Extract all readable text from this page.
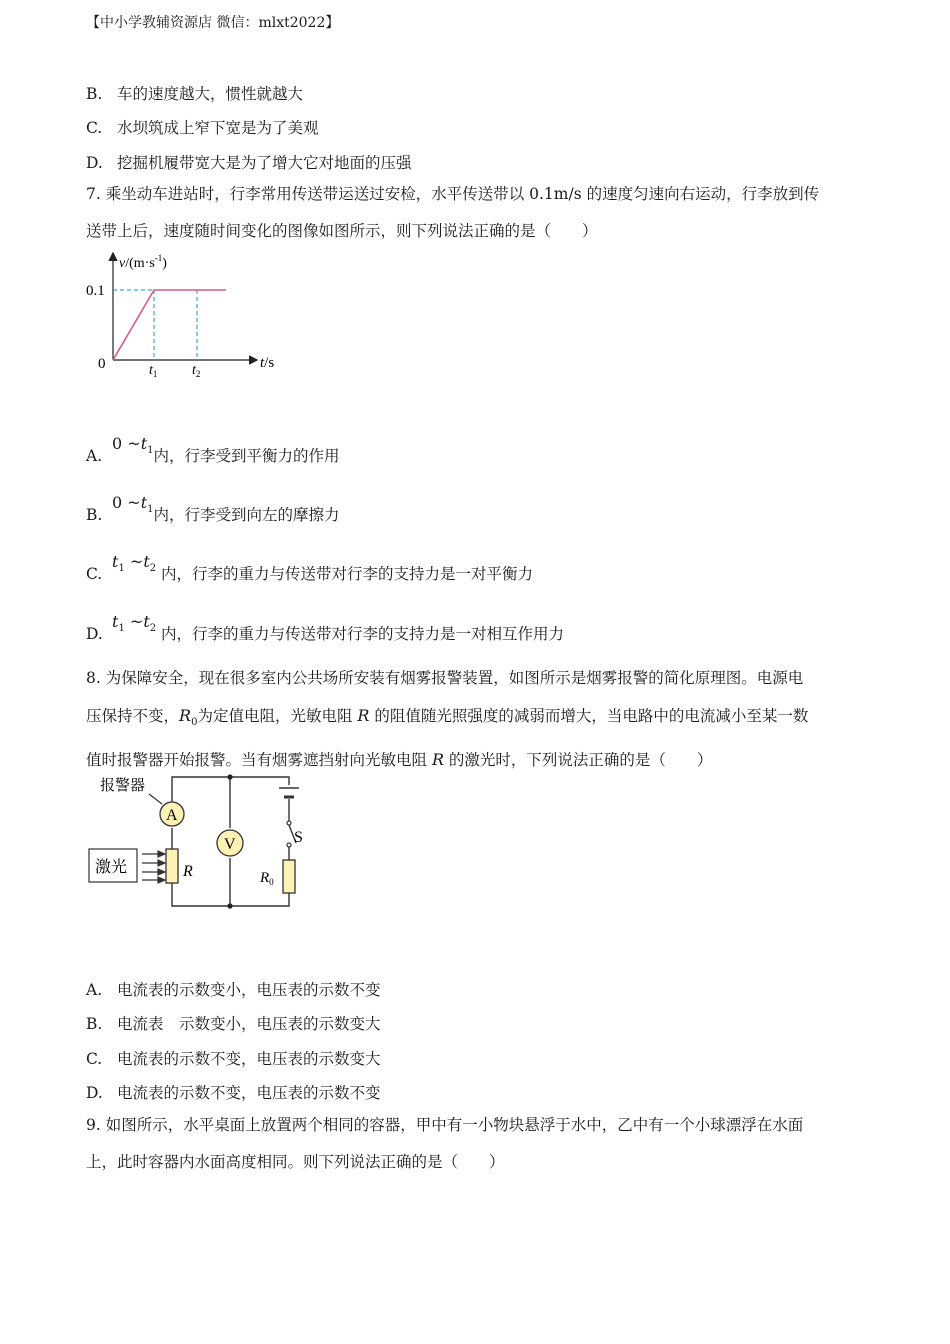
【中小学教辅资源店 微信：mlxt2022】
B. 车的速度越大，惯性就越大
C. 水坝筑成上窄下宽是为了美观
D. 挖掘机履带宽大是为了增大它对地面的压强
7. 乘坐动车进站时，行李常用传送带运送过安检，水平传送带以 0.1m/s 的速度匀速向右运动，行李放到传
送带上后，速度随时间变化的图像如图所示，则下列说法正确的是（　　）
$v/(m\cdot s^{-1})$
0.1
0	t/s
$t_1$ $t_2$
A.0 $\sim t_1$内，行李受到平衡力的作用
B.0 $\sim t_1$内，行李受到向左的摩擦力
$C.t_1$ $\sim t_2$ 内，行李的重力与传送带对行李的支持力是一对平衡力
$D.t_1$ $\sim t_2$ 内，行李的重力与传送带对行李的支持力是一对相互作用力
8. 为保障安全，现在很多室内公共场所安装有烟雾报警装置，如图所示是烟雾报警的简化原理图。电源电
压保持不变，$R_0$为定值电阻，光敏电阻 R 的阻值随光照强度的减弱而增大，当电路中的电流减小至某一数
值时报警器开始报警。当有烟雾遮挡射向光敏电阻 R 的激光时，下列说法正确的是（　　）
S
$R_0$
A
报警器
V
R
激光
A. 电流表的示数变小，电压表的示数不变
B. 电流表　示数变小，电压表的示数变大
C. 电流表的示数不变，电压表的示数变大
D. 电流表的示数不变，电压表的示数不变
9. 如图所示，水平桌面上放置两个相同的容器，甲中有一小物块悬浮于水中，乙中有一个小球漂浮在水面
上，此时容器内水面高度相同。则下列说法正确的是（　　）
